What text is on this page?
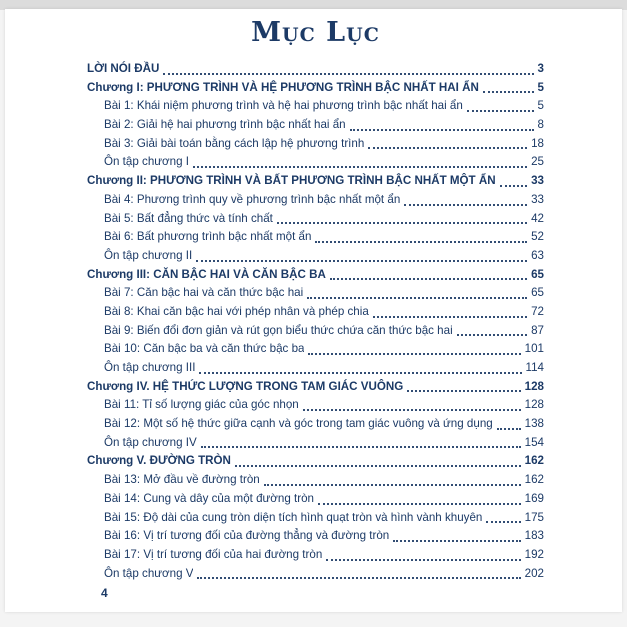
Mục Lục
LỜI NÓI ĐẦU	3
Chương I: PHƯƠNG TRÌNH VÀ HỆ PHƯƠNG TRÌNH BẬC NHẤT HAI ẨN	5
Bài 1: Khái niệm phương trình và hệ hai phương trình bậc nhất hai ẩn	5
Bài 2: Giải hệ hai phương trình bậc nhất hai ẩn	8
Bài 3: Giải bài toán bằng cách lập hệ phương trình	18
Ôn tập chương I	25
Chương II: PHƯƠNG TRÌNH VÀ BẤT PHƯƠNG TRÌNH BẬC NHẤT MỘT ẨN	33
Bài 4: Phương trình quy về phương trình bậc nhất một ẩn	33
Bài 5: Bất đẳng thức và tính chất	42
Bài 6: Bất phương trình bậc nhất một ẩn	52
Ôn tập chương II	63
Chương III: CĂN BẬC HAI VÀ CĂN BẬC BA	65
Bài 7: Căn bậc hai và căn thức bậc hai	65
Bài 8: Khai căn bậc hai với phép nhân và phép chia	72
Bài 9: Biến đổi đơn giản và rút gọn biểu thức chứa căn thức bậc hai	87
Bài 10: Căn bậc ba và căn thức bậc ba	101
Ôn tập chương III	114
Chương IV. HỆ THỨC LƯỢNG TRONG TAM GIÁC VUÔNG	128
Bài 11: Tỉ số lượng giác của góc nhọn	128
Bài 12: Một số hệ thức giữa cạnh và góc trong tam giác vuông và ứng dụng	138
Ôn tập chương IV	154
Chương V. ĐƯỜNG TRÒN	162
Bài 13: Mở đầu về đường tròn	162
Bài 14: Cung và dây của một đường tròn	169
Bài 15: Độ dài của cung tròn diện tích hình quạt tròn và hình vành khuyên	175
Bài 16: Vị trí tương đối của đường thẳng và đường tròn	183
Bài 17: Vị trí tương đối của hai đường tròn	192
Ôn tập chương V	202
4
